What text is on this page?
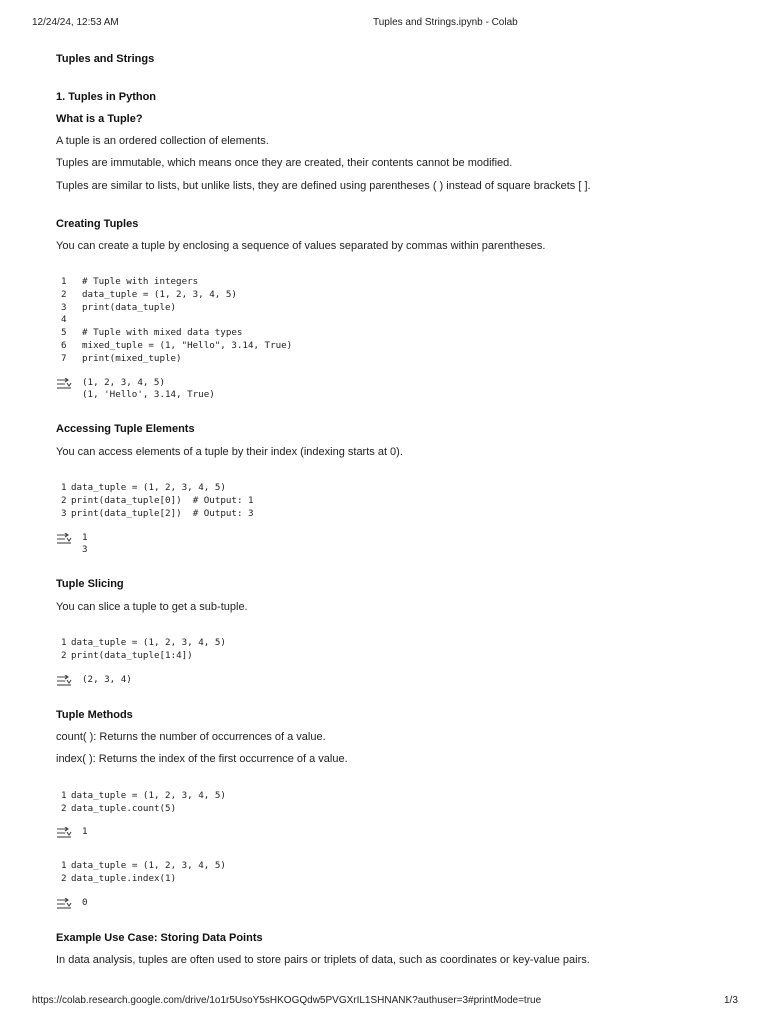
12/24/24, 12:53 AM	Tuples and Strings.ipynb - Colab
Tuples and Strings
1. Tuples in Python
What is a Tuple?
A tuple is an ordered collection of elements.
Tuples are immutable, which means once they are created, their contents cannot be modified.
Tuples are similar to lists, but unlike lists, they are defined using parentheses ( ) instead of square brackets [ ].
Creating Tuples
You can create a tuple by enclosing a sequence of values separated by commas within parentheses.
1 # Tuple with integers
2 data_tuple = (1, 2, 3, 4, 5)
3 print(data_tuple)
4
5 # Tuple with mixed data types
6 mixed_tuple = (1, "Hello", 3.14, True)
7 print(mixed_tuple)
(1, 2, 3, 4, 5)
(1, 'Hello', 3.14, True)
Accessing Tuple Elements
You can access elements of a tuple by their index (indexing starts at 0).
1 data_tuple = (1, 2, 3, 4, 5)
2 print(data_tuple[0])  # Output: 1
3 print(data_tuple[2])  # Output: 3
1
3
Tuple Slicing
You can slice a tuple to get a sub-tuple.
1 data_tuple = (1, 2, 3, 4, 5)
2 print(data_tuple[1:4])
(2, 3, 4)
Tuple Methods
count( ): Returns the number of occurrences of a value.
index( ): Returns the index of the first occurrence of a value.
1 data_tuple = (1, 2, 3, 4, 5)
2 data_tuple.count(5)
1
1 data_tuple = (1, 2, 3, 4, 5)
2 data_tuple.index(1)
0
Example Use Case: Storing Data Points
In data analysis, tuples are often used to store pairs or triplets of data, such as coordinates or key-value pairs.
https://colab.research.google.com/drive/1o1r5UsoY5sHKOGQdw5PVGXrIL1SHNANK?authuser=3#printMode=true	1/3
